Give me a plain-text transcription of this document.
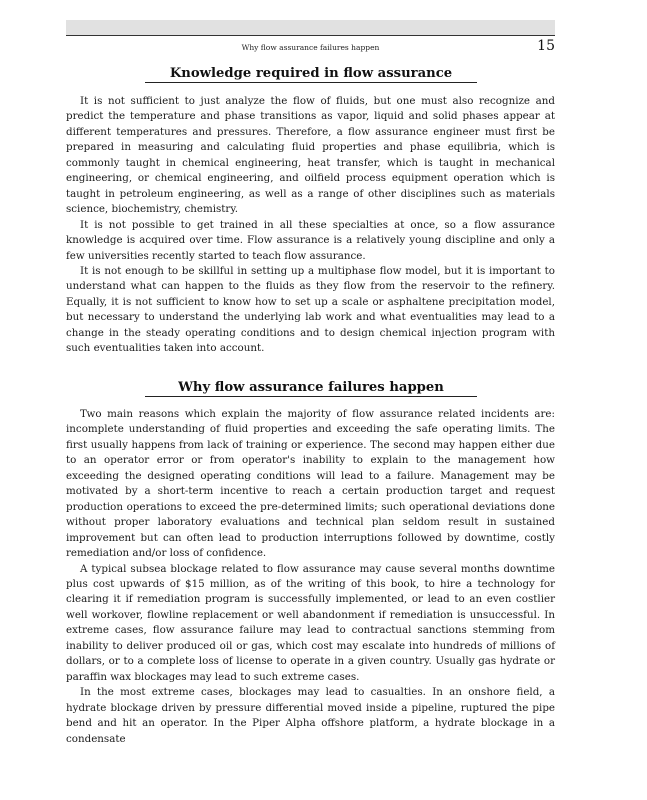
Why flow assurance failures happen	15
Knowledge required in flow assurance

It is not sufficient to just analyze the flow of fluids, but one must also recognize and predict the temperature and phase transitions as vapor, liquid and solid phases appear at different temperatures and pressures. Therefore, a flow assurance engineer must first be prepared in measuring and calculating fluid properties and phase equilibria, which is commonly taught in chemical engineering, heat transfer, which is taught in mechanical engineering, or chemical engineering, and oilfield process equipment operation which is taught in petroleum engineering, as well as a range of other disciplines such as materials science, biochemistry, chemistry.

It is not possible to get trained in all these specialties at once, so a flow assurance knowledge is acquired over time. Flow assurance is a relatively young discipline and only a few universities recently started to teach flow assurance.

It is not enough to be skillful in setting up a multiphase flow model, but it is important to understand what can happen to the fluids as they flow from the reservoir to the refinery. Equally, it is not sufficient to know how to set up a scale or asphaltene precipitation model, but necessary to understand the underlying lab work and what eventualities may lead to a change in the steady operating conditions and to design chemical injection program with such eventualities taken into account.

Why flow assurance failures happen

Two main reasons which explain the majority of flow assurance related incidents are: incomplete understanding of fluid properties and exceeding the safe operating limits. The first usually happens from lack of training or experience. The second may happen either due to an operator error or from operator's inability to explain to the management how exceeding the designed operating conditions will lead to a failure. Management may be motivated by a short-term incentive to reach a certain production target and request production operations to exceed the pre-determined limits; such operational deviations done without proper laboratory evaluations and technical plan seldom result in sustained improvement but can often lead to production interruptions followed by downtime, costly remediation and/or loss of confidence.

A typical subsea blockage related to flow assurance may cause several months downtime plus cost upwards of $15 million, as of the writing of this book, to hire a technology for clearing it if remediation program is successfully implemented, or lead to an even costlier well workover, flowline replacement or well abandonment if remediation is unsuccessful. In extreme cases, flow assurance failure may lead to contractual sanctions stemming from inability to deliver produced oil or gas, which cost may escalate into hundreds of millions of dollars, or to a complete loss of license to operate in a given country. Usually gas hydrate or paraffin wax blockages may lead to such extreme cases.

In the most extreme cases, blockages may lead to casualties. In an onshore field, a hydrate blockage driven by pressure differential moved inside a pipeline, ruptured the pipe bend and hit an operator. In the Piper Alpha offshore platform, a hydrate blockage in a condensate
